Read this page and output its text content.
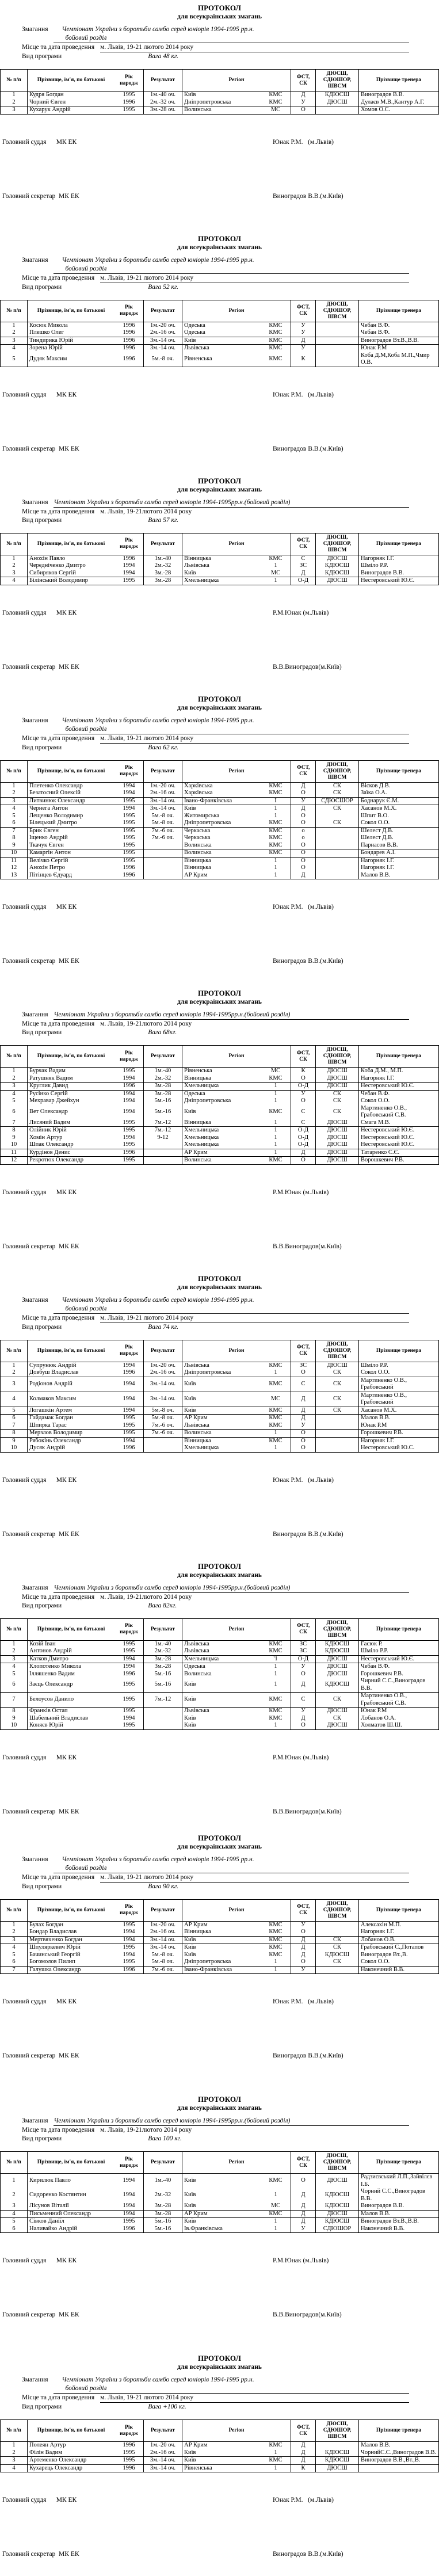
ПРОТОКОЛ
для всеукраїнських змагань
Змагання	Чемпіонат України з боротьби самбо серед юніорів 1994-1995 рр.н.
бойовий розділ
Місце та дата проведення м. Львів, 19-21 лютого 2014 року
Вид програми	Вага 48 кг.
№ п/п	Прізвище, ім'я, по батькові	Рік народж	Результат	Регіон		ФСТ, СК	ДЮСШ, СДЮШОР, ШВСМ	Прізвище тренера
1	Кудря Богдан	1995	1м.-40 оч.	Київ	КМС	Д	КДЮСШ	Виноградов В.В.
2	Чорний Євген	1996	2м.-32 оч.	Дніпропетровська	КМС	У	ДЮСШ	Дулаєв М.В.,Кантур А.Г.
3	Кухарук Андрій	1995	3м.-28 оч.	Волинська	МС	О		Хомов О.С.
Головний суддя      МК ЕК	Юнак Р.М.   (м.Львів)
Головний секретар  МК ЕК	Виноградов В.В.(м.Київ)
ПРОТОКОЛ
для всеукраїнських змагань
Змагання	Чемпіонат України з боротьби самбо серед юніорів 1994-1995 рр.н.
бойовий розділ
Місце та дата проведення м. Львів, 19-21 лютого 2014 року
Вид програми	Вага 52 кг.
№ п/п	Прізвище, ім'я, по батькові	Рік народж	Результат	Регіон		ФСТ, СК	ДЮСШ, СДЮШОР, ШВСМ	Прізвище тренера
1	Косюк Микола	1996	1м.-20 оч.	Одеська	КМС	У		Чебан В.Ф.
2	Плешко Олег	1996	2м.-16 оч.	Одеська	КМС	У		Чебан В.Ф.
3	Тиндирика Юрій	1996	3м.-14 оч.	Київ	КМС	Д		Виноградов Вт.В.,В.В.
4	Зорена Юрій	1996	3м.-14 оч.	Львівська	КМС	У		Юнак Р.М
5	Дудяк Максим	1996	5м.-8 оч.	Рівненська	КМС	К		Коба Д.М,Коба М.П.,Чмир О.В.
Головний суддя      МК ЕК	Юнак Р.М.   (м.Львів)
Головний секретар  МК ЕК	Виноградов В.В.(м.Київ)
ПРОТОКОЛ
для всеукраїнських змагань
Змагання Чемпіонат України з боротьби самбо серед юніорів 1994-1995рр.н.(бойовий розділ)
Місце та дата проведення м. Львів, 19-21лютого 2014 року
Вид програми	Вага 57 кг.
№ п/п	Прізвище, ім'я, по батькові	Рік народж	Результат	Регіон		ФСТ, СК	ДЮСШ, СДЮШОР, ШВСМ	Прізвище тренера
1	Анохін Павло	1996	1м.-40	Вінницька	КМС	С	ДЮСШ	Нагорняк І.Г.
2	Чередніченко Дмитро	1994	2м.-32	Львівська	1	ЗС	КДЮСШ	Шміло Р.Р.
3	Сибиряков Сергій	1994	3м.-28	Київ	МС	Д	КДЮСШ	Виноградов В.В.
4	Білінський Володимир	1995	3м.-28	Хмельницька	1	О-Д	ДЮСШ	Нестеровський Ю.Є.
Головний суддя      МК ЕК	Р.М.Юнак (м.Львів)
Головний секретар  МК ЕК	В.В.Виноградов(м.Київ)
ПРОТОКОЛ
для всеукраїнських змагань
Змагання	Чемпіонат України з боротьби самбо серед юніорів 1994-1995 рр.н.
бойовий розділ
Місце та дата проведення м. Львів, 19-21 лютого 2014 року
Вид програми	Вага 62 кг.
№ п/п	Прізвище, ім'я, по батькові	Рік народж	Результат	Регіон		ФСТ, СК	ДЮСШ, СДЮШОР, ШВСМ	Прізвище тренера
1	Плетенко Олександр	1994	1м.-20 оч.	Харківська	КМС	Д	СК	Вісков Д.В.
2	Безатосний Олексій	1994	2м.-16 оч.	Харківська	КМС	О	СК	Заїка О.А.
3	Литвинюк Олександр	1995	3м.-14 оч.	Івано-Франківська	І	У	СДЮСШОР	Боднарук Є.М.
4	Чернега Антон	1994	3м.-14 оч.	Київ	1	Д	СК	Хасанов М.Х.
5	Лещенко Володимир	1995	5м.-8 оч.	Житомирська	1	О		Шпит В.О.
6	Білецький Дмитро	1995	5м.-8 оч.	Дніпропетровська	КМС	О	СК	Сокол О.О.
7	Брик Євген	1995	7м.-6 оч.	Черкаська	КМС	о		Шелест Д.В.
8	Іщенко Андрій	1995	7м.-6 оч.	Черкаська	КМС	о		Шелест Д.В.
9	Ткачук Євген	1995		Волинська	КМС	О		Парнасов В.В.
10	Камаргін Антон	1995		Волинська	КМС	О		Бондарев А.І.
11	Велічко Сергій	1995		Вінницька	1	О		Нагорняк І.Г.
12	Анохін Петро	1996		Вінницька	1	О		Нагорняк І.Г.
13	Пітінцев Єдуард	1996		АР Крим	1	Д		Малов В.В.
Головний суддя      МК ЕК	Юнак Р.М.   (м.Львів)
Головний секретар  МК ЕК	Виноградов В.В.(м.Київ)
ПРОТОКОЛ
для всеукраїнських змагань
Змагання Чемпіонат України з боротьби самбо серед юніорів 1994-1995рр.н.(бойовий розділ)
Місце та дата проведення м. Львів, 19-21лютого 2014 року
Вид програми	Вага 68кг.
№ п/п	Прізвище, ім'я, по батькові	Рік народж	Результат	Регіон		ФСТ, СК	ДЮСШ, СДЮШОР, ШВСМ	Прізвище тренера
1	Бурчак Вадим	1995	1м.-40	Рівненська	МС	К	ДЮСШ	Коба Д.М., М.П.
2	Ратушняк Вадим	1994	2м.-32	Вінницька	КМС	О	ДЮСШ	Нагорняк І.Г.
3	Круглик Давид	1996	3м.-28	Хмельницька	1	О-Д	ДЮСШ	Нестеровський Ю.Є.
4	Русінко Сергій	1994	3м.-28	Одеська	1	У	СК	Чебан В.Ф.
5	Мехравар Джейхун	1994	5м.-16	Дніпропетровська	1	О	СК	Сокол О.О.
6	Вет Олександр	1994	5м.-16	Київ	КМС	С	СК	Мартиненко О.В., Грабовський С.В.
7	Лисяний Вадим	1995	7м.-12	Вінницька	1	С	ДЮСШ	Смага М.В.
8	Олійник Юрій	1995	7м.-12	Хмельницька	1	О-Д	ДЮСШ	Нестеровський Ю.Є.
9	Хомін Артур	1994	9-12	Хмельницька	1	О-Д	ДЮСШ	Нестеровський Ю.Є.
10	Шпак Олександр	1995		Хмельницька	1	О-Д	ДЮСШ	Нестеровський Ю.Є.
11	Курдінов Денис	1996		АР Крим	1	Д	ДЮСШ	Татаренко С.Є.
12	Рекротюк Олександр	1995		Волинська	КМС	О	ДЮСШ	Ворошкевич Р.В.
Головний суддя      МК ЕК	Р.М.Юнак (м.Львів)
Головний секретар  МК ЕК	В.В.Виноградов(м.Київ)
ПРОТОКОЛ
для всеукраїнських змагань
Змагання	Чемпіонат України з боротьби самбо серед юніорів 1994-1995 рр.н.
бойовий розділ
Місце та дата проведення м. Львів, 19-21 лютого 2014 року
Вид програми	Вага 74 кг.
№ п/п	Прізвище, ім'я, по батькові	Рік народж	Результат	Регіон		ФСТ, СК	ДЮСШ, СДЮШОР, ШВСМ	Прізвище тренера
1	Супрунюк Андрій	1994	1м.-20 оч.	Львівська	КМС	ЗС	ДЮСШ	Шміло Р.Р.
2	Довбуш Владислав	1996	2м.-16 оч.	Дніпропетровська	1	О	СК	Сокол О.О.
3	Родіонов Андрій	1994	3м.-14 оч.	Київ	КМС	С	СК	Мартиненко О.В., Грабовський
4	Колмаков Максим	1994	3м.-14 оч.	Київ	МС	Д	СК	Мартиненко О.В., Грабовський
5	Логашкін Артем	1994	5м.-8 оч.	Київ	КМС	Д	СК	Хасанов М.Х.
6	Гайдамак Богдан	1995	5м.-8 оч.	АР Крим	КМС	Д		Малов В.В.
7	Шпирка Тарас	1995	7м.-6 оч.	Львівська	КМС	У		Юнак Р.М
8	Мерзлов Володимир	1995	7м.-6 оч.	Волинська	1	О		Горошкевич Р.В.
9	Рябокінь Олександр	1994		Вінницька	КМС	О		Нагорняк І.Г.
10	Дусяк Андрій	1996		Хмельницька	1	О		Нестеровський Ю.С.
Головний суддя      МК ЕК	Юнак Р.М.   (м.Львів)
Головний секретар  МК ЕК	Виноградов В.В.(м.Київ)
ПРОТОКОЛ
для всеукраїнських змагань
Змагання Чемпіонат України з боротьби самбо серед юніорів 1994-1995рр.н.(бойовий розділ)
Місце та дата проведення м. Львів, 19-21лютого 2014 року
Вид програми	Вага 82кг.
№ п/п	Прізвище, ім'я, по батькові	Рік народж	Результат	Регіон		ФСТ, СК	ДЮСШ, СДЮШОР, ШВСМ	Прізвище тренера
1	Козій Іван	1995	1м.-40	Львівська	КМС	ЗС	КДЮСШ	Гасюк Р.
2	Антонов Андрій	1995	2м.-32	Львівська	КМС	ЗС	КДЮСШ	Шміло Р.Р.
3	Катков Дмитро	1994	3м.-28	Хмельницька	'1	О-Д	ДЮСШ	Нестеровський Ю.Є.
4	Клопотенко Микола	1994	3м.-28	Одеська	1	У	ДЮСШ	Чебан В.Ф.
5	Ілляшенко Вадим	1996	5м.-16	Волинська	1	О	ДЮСШ	Горошкевич Р.В.
6	Заєць Олександр	1995	5м.-16	Київ	1	Д	КДЮСШ	Чирний С.С.,Виноградов В.В.
7	Белоусов Данило	1995	7м.-12	Київ	КМС	С	СК	Мартиненко О.В., Грабовський С.В.
8	Франків Остап	1995		Львівська	КМС	У	ДЮСШ	Юнак Р.М
9	Шабельний Владислав	1994		Київ	КМС	Д	СК	Лобанов О.А.
10	Коняєв Юрій	1995		Київ	1	О	ДЮСШ	Холматов Ш.Ш.
Головний суддя      МК ЕК	Р.М.Юнак (м.Львів)
Головний секретар  МК ЕК	В.В.Виноградов(м.Київ)
ПРОТОКОЛ
для всеукраїнських змагань
Змагання	Чемпіонат України з боротьби самбо серед юніорів 1994-1995 рр.н.
бойовий розділ
Місце та дата проведення м. Львів, 19-21 лютого 2014 року
Вид програми	Вага 90 кг.
№ п/п	Прізвище, ім'я, по батькові	Рік народж	Результат	Регіон		ФСТ, СК	ДЮСШ, СДЮШОР, ШВСМ	Прізвище тренера
1	Булах Богдан	1995	1м.-20 оч.	АР Крим	КМС	У		Алексахін М.П.
2	Бондар Владислав	1994	2м.-16 оч.	Вінницька	КМС	О		Нагорняк І.Г.
3	Мертвяченко Богдан	1994	3м.-14 оч.	Київ	КМС	Д	СК	Лобанов О.В.
4	Шпуляркевич Юрій	1995	3м.-14 оч.	Київ	КМС	Д	СК	Грабовський С.,Потапов
5	Бачинський Георгій	1994	5м.-8 оч.	Київ	КМС	Д	КДЮСШ	Виноградов Вт.,В.
6	Богомолов Пилип	1995	5м.-8 оч.	Дніпропетровська	1	О	СК	Сокол О.О.
7	Галушка Олександр	1996	7м.-6 оч.	Івано-Франківська	1	У		Наконечний В.В.
Головний суддя      МК ЕК	Юнак Р.М.   (м.Львів)
Головний секретар  МК ЕК	Виноградов В.В.(м.Київ)
ПРОТОКОЛ
для всеукраїнських змагань
Змагання Чемпіонат України з боротьби самбо серед юніорів 1994-1995рр.н.(бойовий розділ)
Місце та дата проведення м. Львів, 19-21лютого 2014 року
Вид програми	Вага 100 кг.
№ п/п	Прізвище, ім'я, по батькові	Рік народж	Результат	Регіон		ФСТ, СК	ДЮСШ, СДЮШОР, ШВСМ	Прізвище тренера
1	Кирилюк Павло	1994	1м.-40	Київ	КМС	О	ДЮСШ	Радзиєвський Л.П.,Зайвілєв І.Б.
2	Сидоренко Костянтин	1994	2м.-32	Київ	1	Д	КДЮСШ	Чорний С.С.,Виноградов В.В.
3	Лісунов Віталії	1994	3м.-28	Київ	МС	Д	КДЮСШ	Виноградов В.В.
4	Письменний Олександр	1994	3м.-28	АР Крим	КМС	Д	ДЮСШ	Малов В.В.
5	Сівков Даніїл	1995	5м.-16	Київ	1	Д	КДЮСШ	Виноградов Вт.В.,В.В.
6	Наливайко Андрій	1996	5м.-16	Ів.Франківська	1	У	СДЮШОР	Наконечний В.В.
Головний суддя      МК ЕК	Р.М.Юнак (м.Львів)
Головний секретар  МК ЕК	В.В.Виноградов(м.Київ)
ПРОТОКОЛ
для всеукраїнських змагань
Змагання	Чемпіонат України з боротьби самбо серед юніорів 1994-1995 рр.н.
бойовий розділ
Місце та дата проведення м. Львів, 19-21 лютого 2014 року
Вид програми	Вага +100 кг.
№ п/п	Прізвище, ім'я, по батькові	Рік народж	Результат	Регіон		ФСТ, СК	ДЮСШ, СДЮШОР, ШВСМ	Прізвище тренера
1	Полеян Артур	1996	1м.-20 оч.	АР Крим	КМС	Д		Малов В.В.
2	Філін Вадим	1995	2м.-16 оч.	Київ	1	Д	КДЮСШ	ЧорнийС.С.,Виноградов В.В.
3	Артеменко Олександр	1995	3м.-14 оч.	Київ	КМС	Д	КДЮСШ	Виноградов В.В.,Вт.,В.
4	Кухарець Олександр	1996	3м.-14 оч.	Рівненська	1	К	ДЮСШ	
Головний суддя      МК ЕК	Юнак Р.М.   (м.Львів)
Головний секретар  МК ЕК	Виноградов В.В.(м.Київ)
